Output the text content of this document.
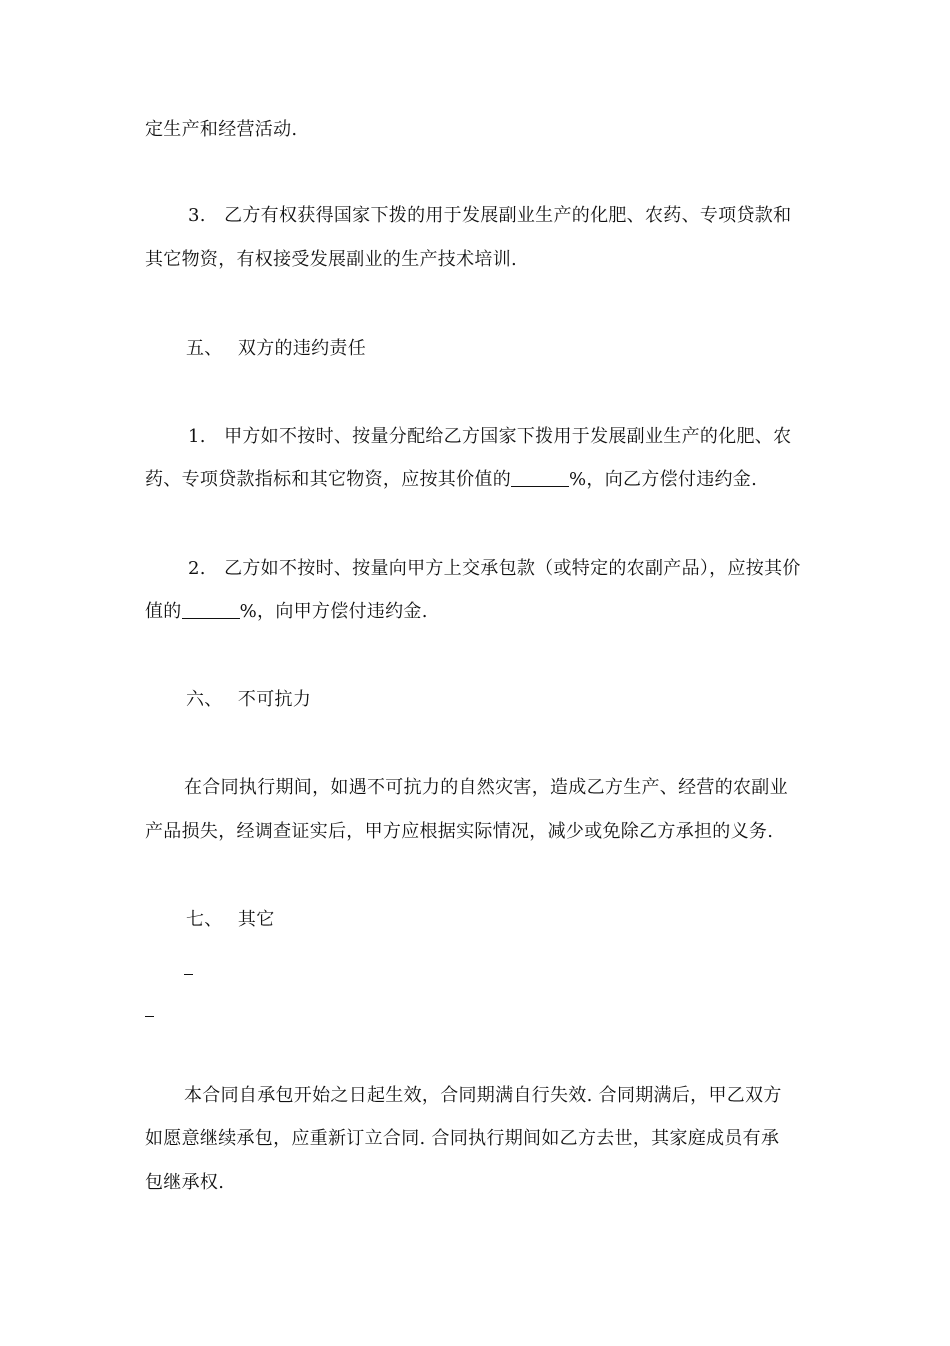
定生产和经营活动.
3.　乙方有权获得国家下拨的用于发展副业生产的化肥、农药、专项贷款和
其它物资，有权接受发展副业的生产技术培训.
五、　 双方的违约责任
1.　甲方如不按时、按量分配给乙方国家下拨用于发展副业生产的化肥、农
药、专项贷款指标和其它物资，应按其价值的	%，向乙方偿付违约金.
2.　乙方如不按时、按量向甲方上交承包款（或特定的农副产品），应按其价
值的	%，向甲方偿付违约金.
六、　 不可抗力
在合同执行期间，如遇不可抗力的自然灾害，造成乙方生产、经营的农副业
产品损失，经调查证实后，甲方应根据实际情况，减少或免除乙方承担的义务.
七、　 其它
本合同自承包开始之日起生效，合同期满自行失效. 合同期满后，甲乙双方
如愿意继续承包，应重新订立合同. 合同执行期间如乙方去世，其家庭成员有承
包继承权.
